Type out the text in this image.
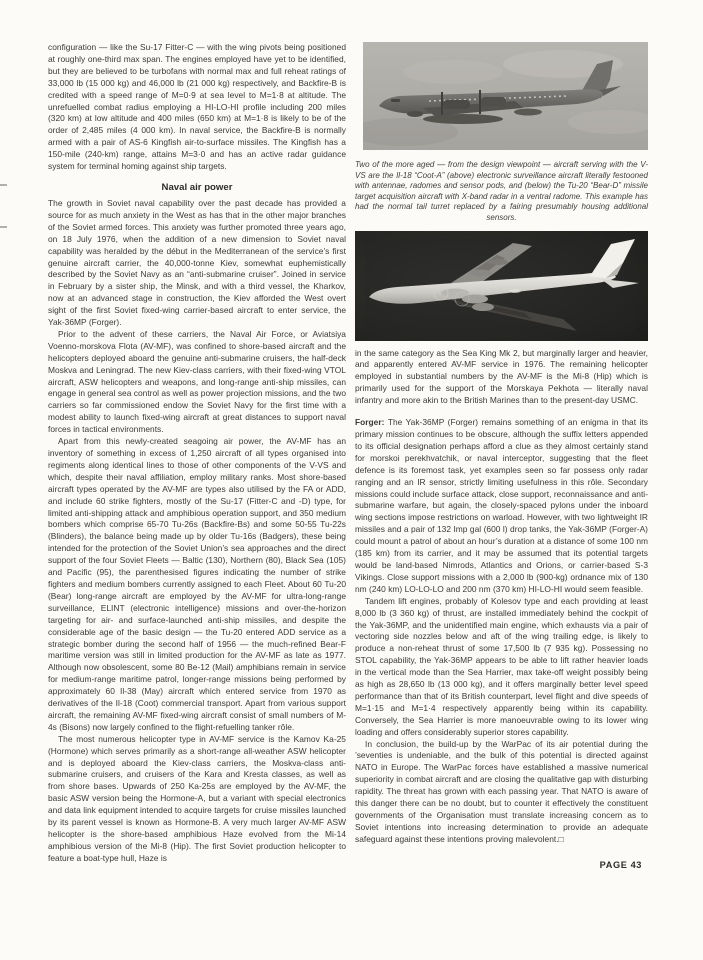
configuration — like the Su-17 Fitter-C — with the wing pivots being positioned at roughly one-third max span. The engines employed have yet to be identified, but they are believed to be turbofans with normal max and full reheat ratings of 33,000 lb (15 000 kg) and 46,000 lb (21 000 kg) respectively, and Backfire-B is credited with a speed range of M=0·9 at sea level to M=1·8 at altitude. The unrefuelled combat radius employing a HI-LO-HI profile including 200 miles (320 km) at low altitude and 400 miles (650 km) at M=1·8 is likely to be of the order of 2,485 miles (4 000 km). In naval service, the Backfire-B is normally armed with a pair of AS-6 Kingfish air-to-surface missiles. The Kingfish has a 150-mile (240-km) range, attains M=3·0 and has an active radar guidance system for terminal homing against ship targets.

Naval air power

The growth in Soviet naval capability over the past decade has provided a source for as much anxiety in the West as has that in the other major branches of the Soviet armed forces. This anxiety was further promoted three years ago, on 18 July 1976, when the addition of a new dimension to Soviet naval capability was heralded by the début in the Mediterranean of the service’s first genuine aircraft carrier, the 40,000-tonne Kiev, somewhat euphemistically described by the Soviet Navy as an “anti-submarine cruiser”. Joined in service in February by a sister ship, the Minsk, and with a third vessel, the Kharkov, now at an advanced stage in construction, the Kiev afforded the West overt sight of the first Soviet fixed-wing carrier-based aircraft to enter service, the Yak-36MP (Forger).

Prior to the advent of these carriers, the Naval Air Force, or Aviatsiya Voenno-morskova Flota (AV-MF), was confined to shore-based aircraft and the helicopters deployed aboard the genuine anti-submarine cruisers, the half-deck Moskva and Leningrad. The new Kiev-class carriers, with their fixed-wing VTOL aircraft, ASW helicopters and weapons, and long-range anti-ship missiles, can engage in general sea control as well as power projection missions, and the two carriers so far commissioned endow the Soviet Navy for the first time with a modest ability to launch fixed-wing aircraft at great distances to support naval forces in tactical environments.

Apart from this newly-created seagoing air power, the AV-MF has an inventory of something in excess of 1,250 aircraft of all types organised into regiments along identical lines to those of other components of the V-VS and which, despite their naval affiliation, employ military ranks. Most shore-based aircraft types operated by the AV-MF are types also utilised by the FA or ADD, and include 60 strike fighters, mostly of the Su-17 (Fitter-C and -D) type, for limited anti-shipping attack and amphibious operation support, and 350 medium bombers which comprise 65-70 Tu-26s (Backfire-Bs) and some 50-55 Tu-22s (Blinders), the balance being made up by older Tu-16s (Badgers), these being intended for the protection of the Soviet Union’s sea approaches and the direct support of the four Soviet Fleets — Baltic (130), Northern (80), Black Sea (105) and Pacific (95), the parenthesised figures indicating the number of strike fighters and medium bombers currently assigned to each Fleet. About 60 Tu-20 (Bear) long-range aircraft are employed by the AV-MF for ultra-long-range surveillance, ELINT (electronic intelligence) missions and over-the-horizon targeting for air- and surface-launched anti-ship missiles, and despite the considerable age of the basic design — the Tu-20 entered ADD service as a strategic bomber during the second half of 1956 — the much-refined Bear-F maritime version was still in limited production for the AV-MF as late as 1977. Although now obsolescent, some 80 Be-12 (Mail) amphibians remain in service for medium-range maritime patrol, longer-range missions being performed by approximately 60 Il-38 (May) aircraft which entered service from 1970 as derivatives of the Il-18 (Coot) commercial transport. Apart from various support aircraft, the remaining AV-MF fixed-wing aircraft consist of small numbers of M-4s (Bisons) now largely confined to the flight-refuelling tanker rôle.

The most numerous helicopter type in AV-MF service is the Kamov Ka-25 (Hormone) which serves primarily as a short-range all-weather ASW helicopter and is deployed aboard the Kiev-class carriers, the Moskva-class anti-submarine cruisers, and cruisers of the Kara and Kresta classes, as well as from shore bases. Upwards of 250 Ka-25s are employed by the AV-MF, the basic ASW version being the Hormone-A, but a variant with special electronics and data link equipment intended to acquire targets for cruise missiles launched by its parent vessel is known as Hormone-B. A very much larger AV-MF ASW helicopter is the shore-based amphibious Haze evolved from the Mi-14 amphibious version of the Mi-8 (Hip). The first Soviet production helicopter to feature a boat-type hull, Haze is

Two of the more aged — from the design viewpoint — aircraft serving with the V-VS are the Il-18 “Coot-A” (above) electronic surveillance aircraft literally festooned with antennae, radomes and sensor pods, and (below) the Tu-20 “Bear-D” missile target acquisition aircraft with X-band radar in a ventral radome. This example has had the normal tail turret replaced by a fairing presumably housing additional sensors.

in the same category as the Sea King Mk 2, but marginally larger and heavier, and apparently entered AV-MF service in 1976. The remaining helicopter employed in substantial numbers by the AV-MF is the Mi-8 (Hip) which is primarily used for the support of the Morskaya Pekhota — literally naval infantry and more akin to the British Marines than to the present-day USMC.

Forger: The Yak-36MP (Forger) remains something of an enigma in that its primary mission continues to be obscure, although the suffix letters appended to its official designation perhaps afford a clue as they almost certainly stand for morskoi perekhvatchik, or naval interceptor, suggesting that the fleet defence is its foremost task, yet examples seen so far possess only radar ranging and an IR sensor, strictly limiting usefulness in this rôle. Secondary missions could include surface attack, close support, reconnaissance and anti-submarine warfare, but again, the closely-spaced pylons under the inboard wing sections impose restrictions on warload. However, with two lightweight IR missiles and a pair of 132 Imp gal (600 l) drop tanks, the Yak-36MP (Forger-A) could mount a patrol of about an hour’s duration at a distance of some 100 nm (185 km) from its carrier, and it may be assumed that its potential targets would be land-based Nimrods, Atlantics and Orions, or carrier-based S-3 Vikings. Close support missions with a 2,000 lb (900-kg) ordnance mix of 130 nm (240 km) LO-LO-LO and 200 nm (370 km) HI-LO-HI would seem feasible.

Tandem lift engines, probably of Kolesov type and each providing at least 8,000 lb (3 360 kg) of thrust, are installed immediately behind the cockpit of the Yak-36MP, and the unidentified main engine, which exhausts via a pair of vectoring side nozzles below and aft of the wing trailing edge, is likely to produce a non-reheat thrust of some 17,500 lb (7 935 kg). Possessing no STOL capability, the Yak-36MP appears to be able to lift rather heavier loads in the vertical mode than the Sea Harrier, max take-off weight possibly being as high as 28,650 lb (13 000 kg), and it offers marginally better level speed performance than that of its British counterpart, level flight and dive speeds of M=1·15 and M=1·4 respectively apparently being within its capability. Conversely, the Sea Harrier is more manoeuvrable owing to its lower wing loading and offers considerably superior stores capability.

In conclusion, the build-up by the WarPac of its air potential during the ’seventies is undeniable, and the bulk of this potential is directed against NATO in Europe. The WarPac forces have established a massive numerical superiority in combat aircraft and are closing the qualitative gap with disturbing rapidity. The threat has grown with each passing year. That NATO is aware of this danger there can be no doubt, but to counter it effectively the constituent governments of the Organisation must translate increasing concern as to Soviet intentions into increasing determination to provide an adequate safeguard against these intentions proving malevolent.□

PAGE 43
